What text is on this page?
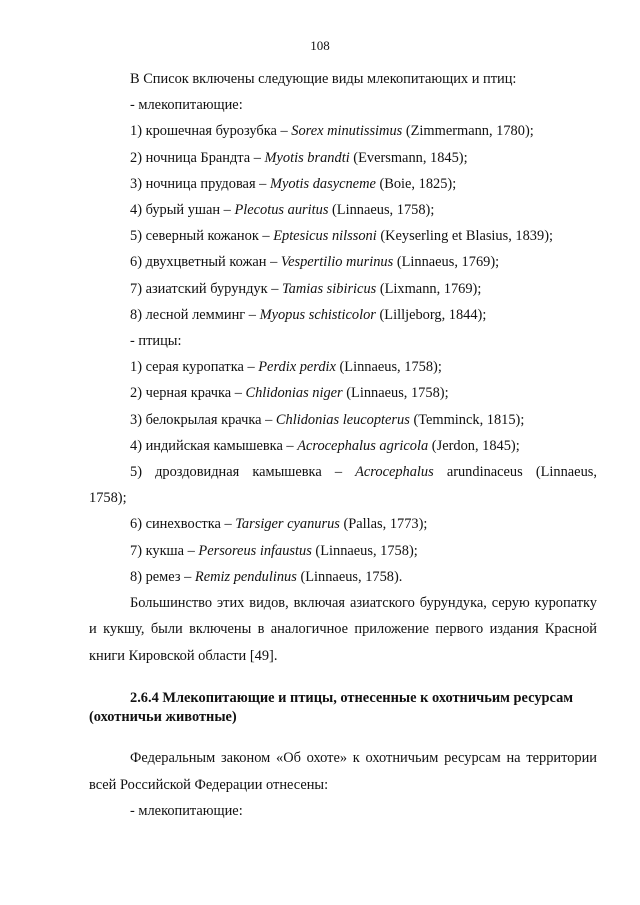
108
В Список включены следующие виды млекопитающих и птиц:
- млекопитающие:
1) крошечная бурозубка – Sorex minutissimus (Zimmermann, 1780);
2) ночница Брандта – Myotis brandti (Eversmann, 1845);
3) ночница прудовая – Myotis dasycneme (Boie, 1825);
4) бурый ушан – Plecotus auritus (Linnaeus, 1758);
5) северный кожанок – Eptesicus nilssoni (Keyserling et Blasius, 1839);
6) двухцветный кожан – Vespertilio murinus (Linnaeus, 1769);
7) азиатский бурундук – Tamias sibiricus (Lixmann, 1769);
8) лесной лемминг – Myopus schisticolor (Lilljeborg, 1844);
- птицы:
1) серая куропатка – Perdix perdix (Linnaeus, 1758);
2) черная крачка – Chlidonias niger (Linnaeus, 1758);
3) белокрылая крачка – Chlidonias leucopterus (Temminck, 1815);
4) индийская камышевка – Acrocephalus agricola (Jerdon, 1845);
5) дроздовидная камышевка – Acrocephalus arundinaceus (Linnaeus,
1758);
6) синехвостка – Tarsiger cyanurus (Pallas, 1773);
7) кукша – Persoreus infaustus (Linnaeus, 1758);
8) ремез – Remiz pendulinus (Linnaeus, 1758).
Большинство этих видов, включая азиатского бурундука, серую куропатку и кукшу, были включены в аналогичное приложение первого издания Красной книги Кировской области [49].
2.6.4 Млекопитающие и птицы, отнесенные к охотничьим ресурсам (охотничьи животные)
Федеральным законом «Об охоте» к охотничьим ресурсам на территории всей Российской Федерации отнесены:
- млекопитающие:
